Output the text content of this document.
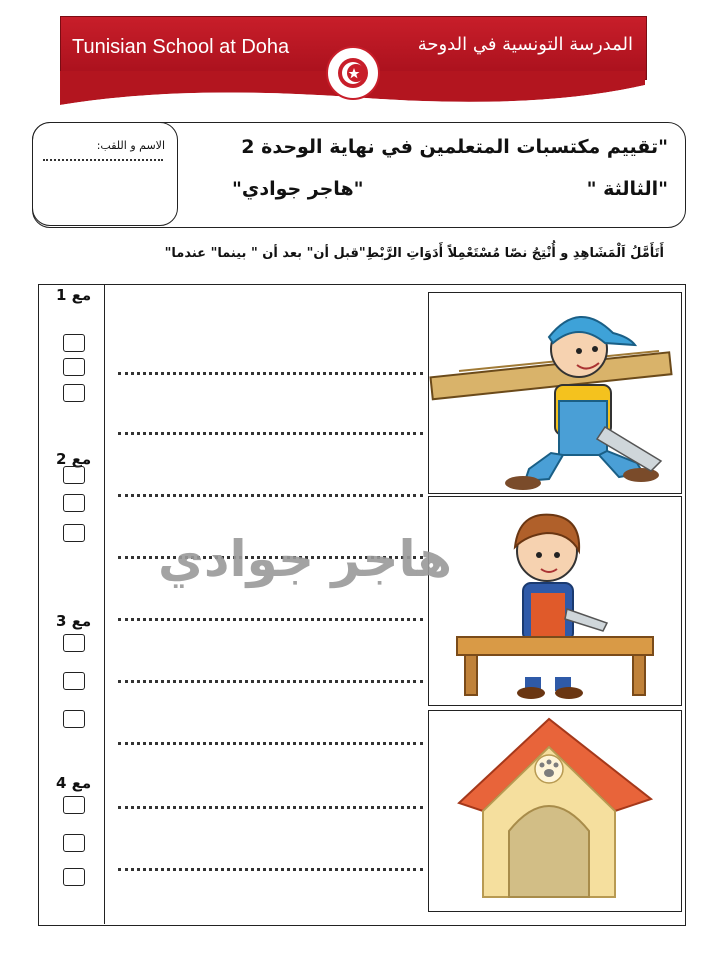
Tunisian School at Doha	المدرسة التونسية في الدوحة
الاسم و اللقب:	"تقييم مكتسبات المتعلمين في نهاية الوحدة 2
"الثالثة "
"هاجر جوادي"
أَتَأَمَّلُ اَلْمَشَاهِدِ و أُنْتِجُ نصّا مُسْتَعْمِلاً أَدَوَاتِ الرَّبْطِ"قبل أن" بعد أن " بينما" عندما"
مع 1
مع 2
مع 3
مع 4
هاجر جوادي
